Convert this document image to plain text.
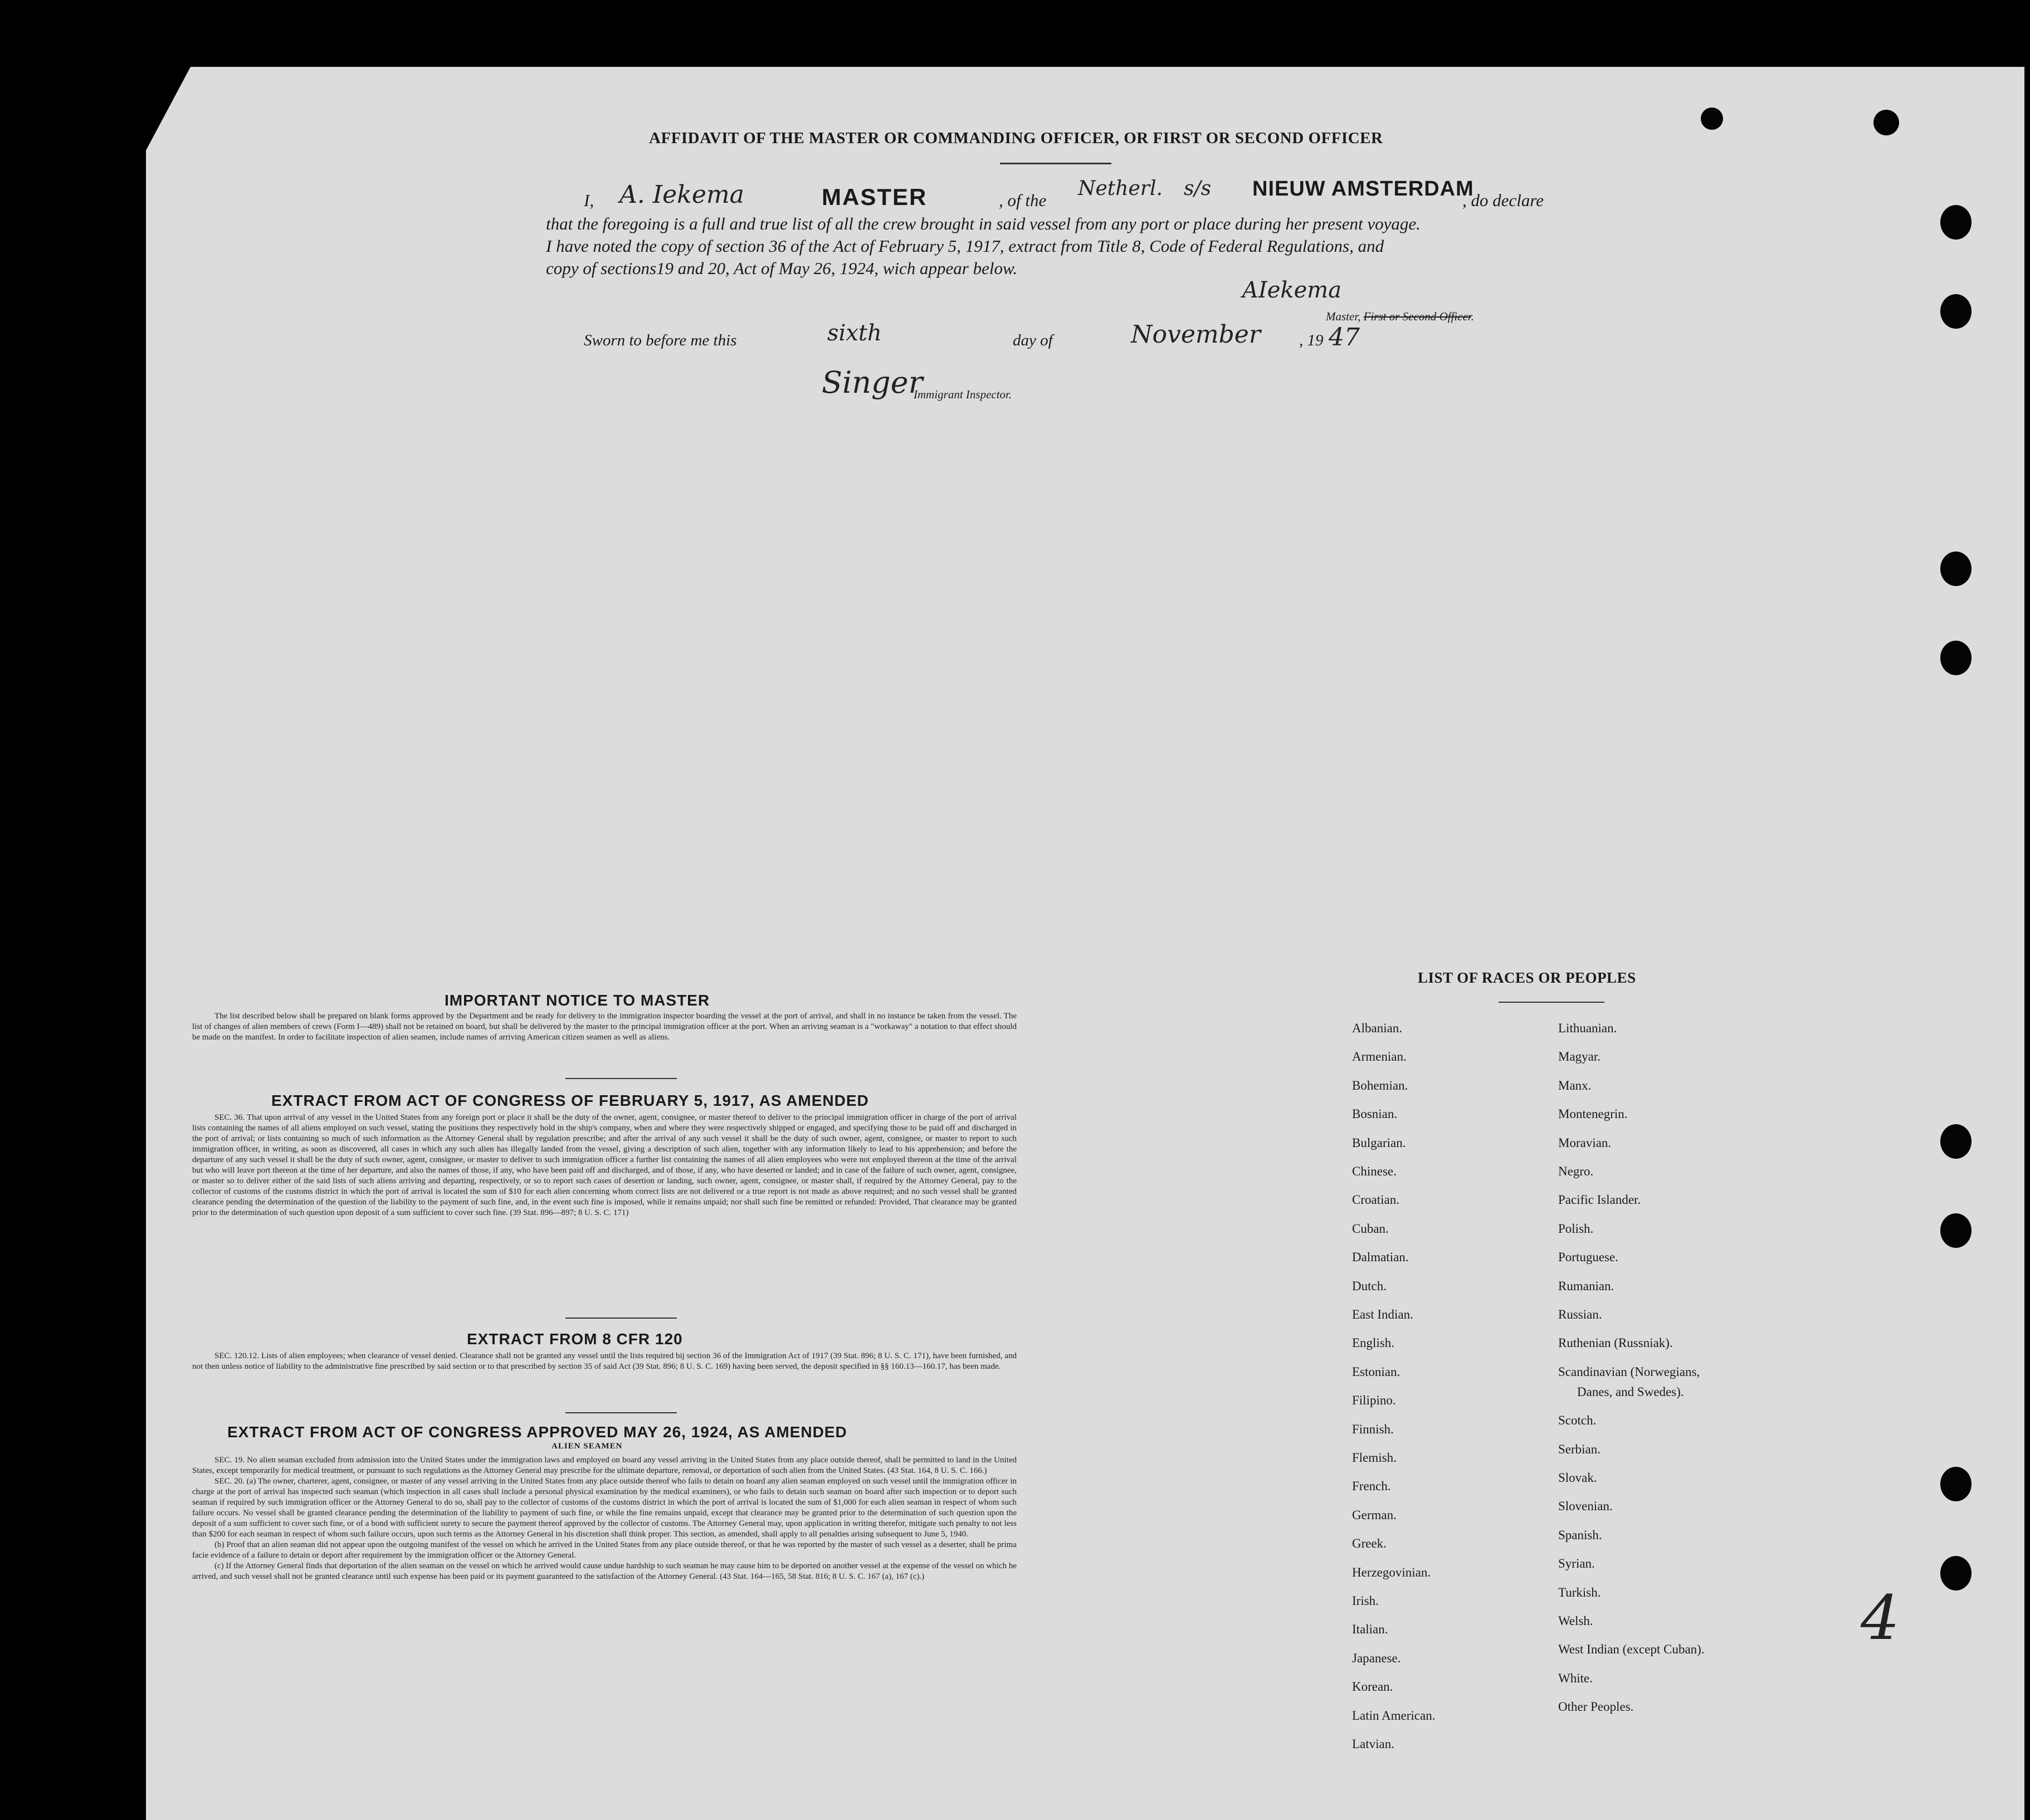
AFFIDAVIT OF THE MASTER OR COMMANDING OFFICER, OR FIRST OR SECOND OFFICER
I, A. Iekema	MASTER	, of the
Netherl. s/s NIEUW AMSTERDAM
, do declare
that the foregoing is a full and true list of all the crew brought in said vessel from any port or place during her present voyage.
I have noted the copy of section 36 of the Act of February 5, 1917, extract from Title 8, Code of Federal Regulations, and
copy of sections19 and 20, Act of May 26, 1924, wich appear below.
AIekema
Master, First or Second Officer.
Sworn to before me this	sixth	day of	November , 19 47
Singer
Immigrant Inspector.
IMPORTANT NOTICE TO MASTER

The list described below shall be prepared on blank forms approved by the Department and be ready for delivery to the immigration inspector boarding the vessel at the port of arrival, and shall in no instance be taken from the vessel. The list of changes of alien members of crews (Form I—489) shall not be retained on board, but shall be delivered by the master to the principal immigration officer at the port. When an arriving seaman is a "workaway" a notation to that effect should be made on the manifest. In order to facilitate inspection of alien seamen, include names of arriving American citizen seamen as well as aliens.

EXTRACT FROM ACT OF CONGRESS OF FEBRUARY 5, 1917, AS AMENDED

SEC. 36. That upon arrival of any vessel in the United States from any foreign port or place it shall be the duty of the owner, agent, consignee, or master thereof to deliver to the principal immigration officer in charge of the port of arrival lists containing the names of all aliens employed on such vessel, stating the positions they respectively hold in the ship's company, when and where they were respectively shipped or engaged, and specifying those to be paid off and discharged in the port of arrival; or lists containing so much of such information as the Attorney General shall by regulation prescribe; and after the arrival of any such vessel it shall be the duty of such owner, agent, consignee, or master to report to such immigration officer, in writing, as soon as discovered, all cases in which any such alien has illegally landed from the vessel, giving a description of such alien, together with any information likely to lead to his apprehension; and before the departure of any such vessel it shall be the duty of such owner, agent, consignee, or master to deliver to such immigration officer a further list containing the names of all alien employees who were not employed thereon at the time of the arrival but who will leave port thereon at the time of her departure, and also the names of those, if any, who have been paid off and discharged, and of those, if any, who have deserted or landed; and in case of the failure of such owner, agent, consignee, or master so to deliver either of the said lists of such aliens arriving and departing, respectively, or so to report such cases of desertion or landing, such owner, agent, consignee, or master shall, if required by the Attorney General, pay to the collector of customs of the customs district in which the port of arrival is located the sum of $10 for each alien concerning whom correct lists are not delivered or a true report is not made as above required; and no such vessel shall be granted clearance pending the determination of the question of the liability to the payment of such fine, and, in the event such fine is imposed, while it remains unpaid; nor shall such fine be remitted or refunded: Provided, That clearance may be granted prior to the determination of such question upon deposit of a sum sufficient to cover such fine. (39 Stat. 896—897; 8 U. S. C. 171)

EXTRACT FROM 8 CFR 120

SEC. 120.12. Lists of alien employees; when clearance of vessel denied. Clearance shall not be granted any vessel until the lists required bij section 36 of the Immigration Act of 1917 (39 Stat. 896; 8 U. S. C. 171), have been furnished, and not then unless notice of liability to the administrative fine prescribed by said section or to that prescribed by section 35 of said Act (39 Stat. 896; 8 U. S. C. 169) having been served, the deposit specified in §§ 160.13—160.17, has been made.

EXTRACT FROM ACT OF CONGRESS APPROVED MAY 26, 1924, AS AMENDED
ALIEN SEAMEN

SEC. 19. No alien seaman excluded from admission into the United States under the immigration laws and employed on board any vessel arriving in the United States from any place outside thereof, shall be permitted to land in the United States, except temporarily for medical treatment, or pursuant to such regulations as the Attorney General may prescribe for the ultimate departure, removal, or deportation of such alien from the United States. (43 Stat. 164, 8 U. S. C. 166.)

SEC. 20. (a) The owner, charterer, agent, consignee, or master of any vessel arriving in the United States from any place outside thereof who fails to detain on board any alien seaman employed on such vessel until the immigration officer in charge at the port of arrival has inspected such seaman (which inspection in all cases shall include a personal physical examination by the medical examiners), or who fails to detain such seaman on board after such inspection or to deport such seaman if required by such immigration officer or the Attorney General to do so, shall pay to the collector of customs of the customs district in which the port of arrival is located the sum of $1,000 for each alien seaman in respect of whom such failure occurs. No vessel shall be granted clearance pending the determination of the liability to payment of such fine, or while the fine remains unpaid, except that clearance may be granted prior to the determination of such question upon the deposit of a sum sufficient to cover such fine, or of a bond with sufficient surety to secure the payment thereof approved by the collector of customs. The Attorney General may, upon application in writing therefor, mitigate such penalty to not less than $200 for each seaman in respect of whom such failure occurs, upon such terms as the Attorney General in his discretion shall think proper. This section, as amended, shall apply to all penalties arising subsequent to June 5, 1940.

(b) Proof that an alien seaman did not appear upon the outgoing manifest of the vessel on which he arrived in the United States from any place outside thereof, or that he was reported by the master of such vessel as a deserter, shall be prima facie evidence of a failure to detain or deport after requirement by the immigration officer or the Attorney General.

(c) If the Attorney General finds that deportation of the alien seaman on the vessel on which he arrived would cause undue hardship to such seaman he may cause him to be deported on another vessel at the expense of the vessel on which he arrived, and such vessel shall not be granted clearance until such expense has been paid or its payment guaranteed to the satisfaction of the Attorney General. (43 Stat. 164—165, 58 Stat. 816; 8 U. S. C. 167 (a), 167 (c).)

LIST OF RACES OR PEOPLES
Albanian.
Armenian.
Bohemian.
Bosnian.
Bulgarian.
Chinese.
Croatian.
Cuban.
Dalmatian.
Dutch.
East Indian.
English.
Estonian.
Filipino.
Finnish.
Flemish.
French.
German.
Greek.
Herzegovinian.
Irish.
Italian.
Japanese.
Korean.
Latin American.
Latvian.
Lithuanian.
Magyar.
Manx.
Montenegrin.
Moravian.
Negro.
Pacific Islander.
Polish.
Portuguese.
Rumanian.
Russian.
Ruthenian (Russniak).
Scandinavian (Norwegians,
Danes, and Swedes).
Scotch.
Serbian.
Slovak.
Slovenian.
Spanish.
Syrian.
Turkish.
Welsh.
West Indian (except Cuban).
White.
Other Peoples.
4
